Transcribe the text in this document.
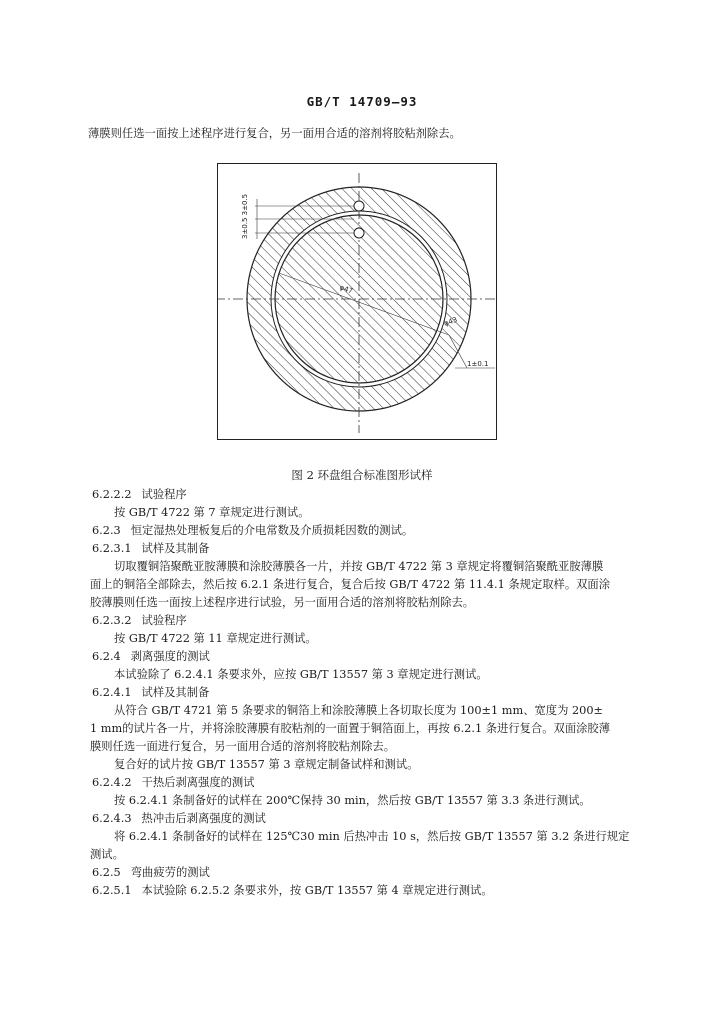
GB/T 14709—93
薄膜则任选一面按上述程序进行复合，另一面用合适的溶剂将胶粘剂除去。
3±0.5 3±0.5
φ47
φ43
1±0.1
图 2 环盘组合标准图形试样
6.2.2.2 试验程序
按 GB/T 4722 第 7 章规定进行测试。
6.2.3 恒定湿热处理板复后的介电常数及介质损耗因数的测试。
6.2.3.1 试样及其制备
切取覆铜箔聚酰亚胺薄膜和涂胶薄膜各一片，并按 GB/T 4722 第 3 章规定将覆铜箔聚酰亚胺薄膜
面上的铜箔全部除去，然后按 6.2.1 条进行复合，复合后按 GB/T 4722 第 11.4.1 条规定取样。双面涂
胶薄膜则任选一面按上述程序进行试验，另一面用合适的溶剂将胶粘剂除去。
6.2.3.2 试验程序
按 GB/T 4722 第 11 章规定进行测试。
6.2.4 剥离强度的测试
本试验除了 6.2.4.1 条要求外，应按 GB/T 13557 第 3 章规定进行测试。
6.2.4.1 试样及其制备
从符合 GB/T 4721 第 5 条要求的铜箔上和涂胶薄膜上各切取长度为 100±1 mm、宽度为 200±
1 mm的试片各一片，并将涂胶薄膜有胶粘剂的一面置于铜箔面上，再按 6.2.1 条进行复合。双面涂胶薄
膜则任选一面进行复合，另一面用合适的溶剂将胶粘剂除去。
复合好的试片按 GB/T 13557 第 3 章规定制备试样和测试。
6.2.4.2 干热后剥离强度的测试
按 6.2.4.1 条制备好的试样在 200℃保持 30 min，然后按 GB/T 13557 第 3.3 条进行测试。
6.2.4.3 热冲击后剥离强度的测试
将 6.2.4.1 条制备好的试样在 125℃30 min 后热冲击 10 s，然后按 GB/T 13557 第 3.2 条进行规定
测试。
6.2.5 弯曲疲劳的测试
6.2.5.1 本试验除 6.2.5.2 条要求外，按 GB/T 13557 第 4 章规定进行测试。
